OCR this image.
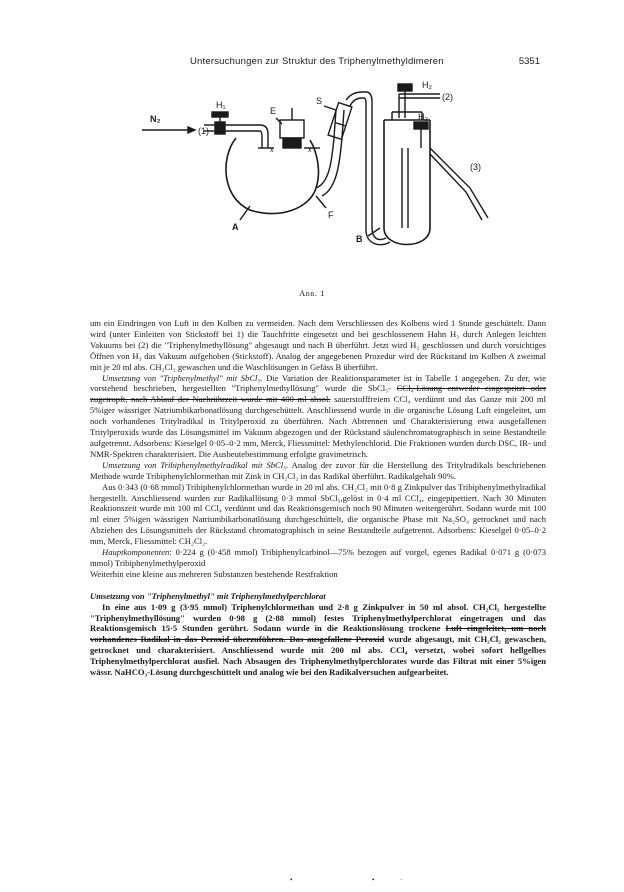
Untersuchungen zur Struktur des Triphenylmethyldimeren	5351
N₂
(1)
H₁
E
S
H₂
(2)
H₃
(3)
A
F
B
x	x
Abb. 1

um ein Eindringen von Luft in den Kolben zu vermeiden. Nach dem Verschliessen des Kolbens wird 1 Stunde geschüttelt. Dann wird (unter Einleiten von Stickstoff bei 1) die Tauchfritte eingesetzt und bei geschlossenem Hahn H₃ durch Anlegen leichten Vakuums bei (2) die "Triphenylmethyllösung" abgesaugt und nach B überführt. Jetzt wird H₂ geschlossen und durch vorsichtiges Öffnen von H₃ das Vakuum aufgehoben (Stickstoff). Analog der angegebenen Prozedur wird der Rückstand im Kolben A zweimal mit je 20 ml abs. CH₂Cl₂ gewaschen und die Waschlösungen in Gefäss B überführt.

Umsetzung von "Triphenylmethyl" mit SbCl₅. Die Variation der Reaktionsparameter ist in Tabelle 1 angegeben. Zu der, wie vorstehend beschrieben, hergestellten "Triphenylmethyllösung" wurde die SbCl₅- CCl₄-Lösung entweder eingespritzt oder zugetropft, nach Ablauf der Nachrührzeit wurde mit 400 ml absol. sauerstofffreiem CCl₄ verdünnt und das Ganze mit 200 ml 5%iger wässriger Natriumbikarbonatlösung durchgeschüttelt. Anschliessend wurde in die organische Lösung Luft eingeleitet, um noch vorhandenes Tritylradikal in Tritylperoxid zu überführen. Nach Abtrennen und Charakterisierung etwa ausgefallenen Tritylperoxids wurde das Lösungsmittel im Vakuum abgezogen und der Rückstand säulenchromatographisch in seine Bestandteile aufgetrennt. Adsorbens: Kieselgel 0·05–0·2 mm, Merck, Fliessmittel: Methylenchlorid. Die Fraktionen wurden durch DSC, IR- und NMR-Spektren charakterisiert. Die Ausbeutebestimmung erfolgte gravimetrisch.

Umsetzung von Tribiphenylmethylradikal mit SbCl₅. Analog der zuvor für die Herstellung des Tritylradikals beschriebenen Methode wurde Tribiphenylchlormethan mit Zink in CH₂Cl₂ in das Radikal überführt. Radikalgehalt 90%.

Aus 0·343 (0·68 mmol) Tribiphenylchlormethan wurde in 20 ml abs. CH₂Cl₂ mit 0·8 g Zinkpulver das Tribiphenylmethylradikal hergestellt. Anschliessend wurden zur Radikallösung 0·3 mmol SbCl₅,gelöst in 0·4 ml CCl₄, eingepipettiert. Nach 30 Minuten Reaktionszeit wurde mit 100 ml CCl₄ verdünnt und das Reaktionsgemisch noch 90 Minuten weitergerührt. Sodann wurde mit 100 ml einer 5%igen wässrigen Natriumbikarbonatlösung durchgeschüttelt, die organische Phase mit Na₂SO₄ getrocknet und nach Abziehen des Lösungsmittels der Rückstand chromatographisch in seine Bestandteile aufgetrennt. Adsorbens: Kieselgel 0·05–0·2 mm, Merck, Fliessmittel: CH₂Cl₂.

Hauptkomponenten: 0·224 g (0·458 mmol) Tribiphenylcarbinol—75% bezogen auf vorgel, egenes Radikal 0·071 g (0·073 mmol) Tribiphenylmethylperoxid

Weiterhin eine kleine aus mehreren Substanzen bestehende Restfraktion

Umsetzung von "Triphenylmethyl" mit Triphenylmethylperchlorat

In eine aus 1·09 g (3·95 mmol) Triphenylchlormethan und 2·8 g Zinkpulver in 50 ml absol. CH₂Cl₂ hergestellte "Triphenylmethyllösung" wurden 0·98 g (2·88 mmol) festes Triphenylmethylperchlorat eingetragen und das Reaktionsgemisch 15·5 Stunden gerührt. Sodann wurde in die Reaktionslösung trockene Luft eingeleitet, um noch vorhandenes Radikal in das Peroxid überzuführen. Das ausgefallene Peroxid wurde abgesaugt, mit CH₂Cl₂ gewaschen, getrocknet und charakterisiert. Anschliessend wurde mit 200 ml abs. CCl₄ versetzt, wobei sofort hellgelbes Triphenylmethylperchlorat ausfiel. Nach Absaugen des Triphenylmethylperchlorates wurde das Filtrat mit einer 5%igen wässr. NaHCO₃-Lösung durchgeschüttelt und analog wie bei den Radikalversuchen aufgearbeitet.

•	•	·
